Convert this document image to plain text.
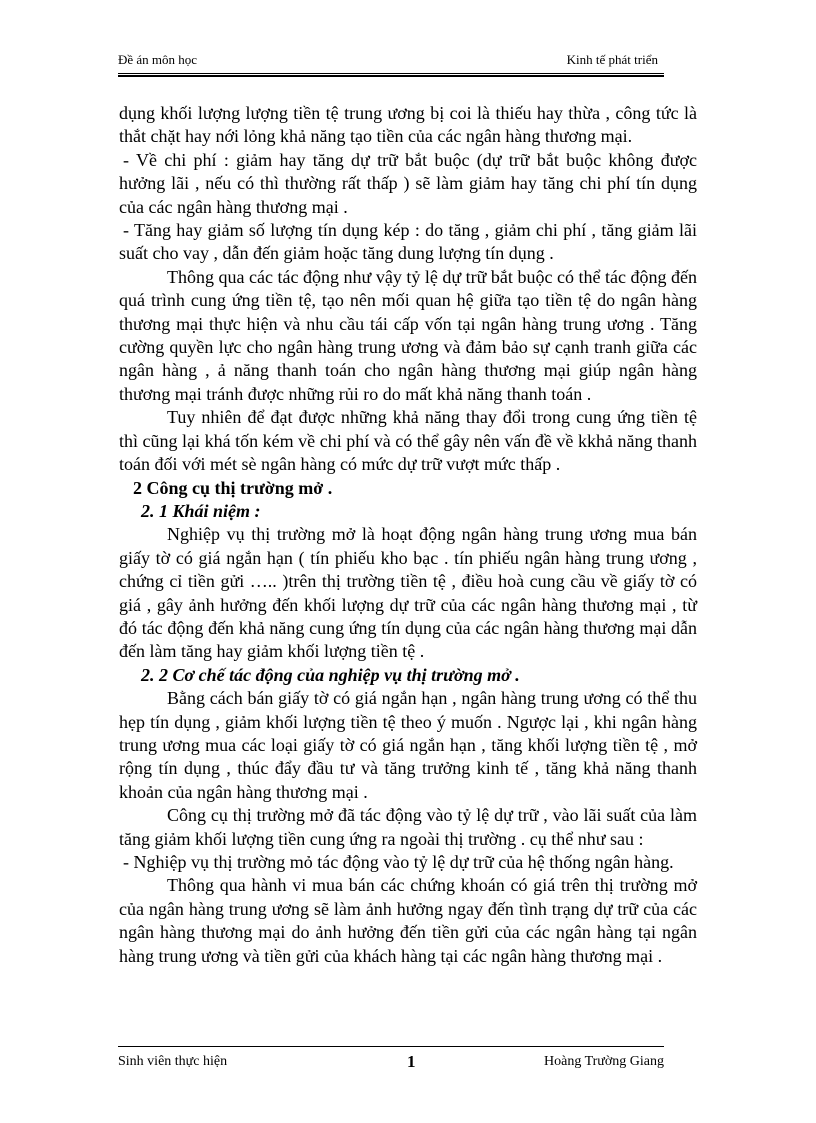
Đề án môn học	Kinh tế phát triển

dụng khối lượng lượng tiền tệ trung ương bị coi là thiếu hay thừa , công tức là thắt chặt hay nới lỏng khả năng tạo tiền của các ngân hàng thương mại.

- Về chi phí : giảm hay tăng dự trữ bắt buộc (dự trữ bắt buộc không được hưởng lãi , nếu có thì thường rất thấp ) sẽ làm giảm hay tăng chi phí tín dụng của các ngân hàng thương mại .

- Tăng hay giảm số lượng tín dụng kép : do tăng , giảm chi phí , tăng giảm lãi suất cho vay , dẫn đến giảm hoặc tăng dung lượng tín dụng .

Thông qua các tác động như vậy tỷ lệ dự trữ bắt buộc có thể tác động đến quá trình cung ứng tiền tệ, tạo nên mối quan hệ giữa tạo tiền tệ do ngân hàng thương mại thực hiện và nhu cầu tái cấp vốn tại ngân hàng trung ương . Tăng cường quyền lực cho ngân hàng trung ương và đảm bảo sự cạnh tranh giữa các ngân hàng , ả năng thanh toán cho ngân hàng thương mại giúp ngân hàng thương mại tránh được những rủi ro do mất khả năng thanh toán .

Tuy nhiên để đạt được những khả năng thay đổi trong cung ứng tiền tệ thì cũng lại khá tốn kém về chi phí và có thể gây nên vấn đề về kkhả năng thanh toán đối với mét sè ngân hàng có mức dự trữ vượt mức thấp .

2 Công cụ thị trường mở .

2. 1 Khái niệm :

Nghiệp vụ thị trường mở là hoạt động ngân hàng trung ương mua bán giấy tờ có giá ngắn hạn ( tín phiếu kho bạc . tín phiếu ngân hàng trung ương , chứng cỉ tiền gửi ….. )trên thị trường tiền tệ , điều hoà cung cầu về giấy tờ có giá , gây ảnh hưởng đến khối lượng dự trữ của các ngân hàng thương mại , từ đó tác động đến khả năng cung ứng tín dụng của các ngân hàng thương mại dẫn đến làm tăng hay giảm khối lượng tiền tệ .

2. 2 Cơ chế tác động của nghiệp vụ thị trường mở .

Bằng cách bán giấy tờ có giá ngắn hạn , ngân hàng trung ương có thể thu hẹp tín dụng , giảm khối lượng tiền tệ theo ý muốn . Ngược lại , khi ngân hàng trung ương mua các loại giấy tờ có giá ngắn hạn , tăng khối lượng tiền tệ , mở rộng tín dụng , thúc đẩy đầu tư và tăng trưởng kinh tế , tăng khả năng thanh khoản của ngân hàng thương mại .

Công cụ thị trường mở đã tác động vào tỷ lệ dự trữ , vào lãi suất của làm tăng giảm khối lượng tiền cung ứng ra ngoài thị trường . cụ thể như sau :

- Nghiệp vụ thị trường mỏ tác động vào tỷ lệ dự trữ của hệ thống ngân hàng.

Thông qua hành vi mua bán các chứng khoán có giá trên thị trường mở của ngân hàng trung ương sẽ làm ảnh hưởng ngay đến tình trạng dự trữ của các ngân hàng thương mại do ảnh hưởng đến tiền gửi của các ngân hàng tại ngân hàng trung ương và tiền gửi của khách hàng tại các ngân hàng thương mại .

Sinh viên thực hiện	1	Hoàng Trường Giang
